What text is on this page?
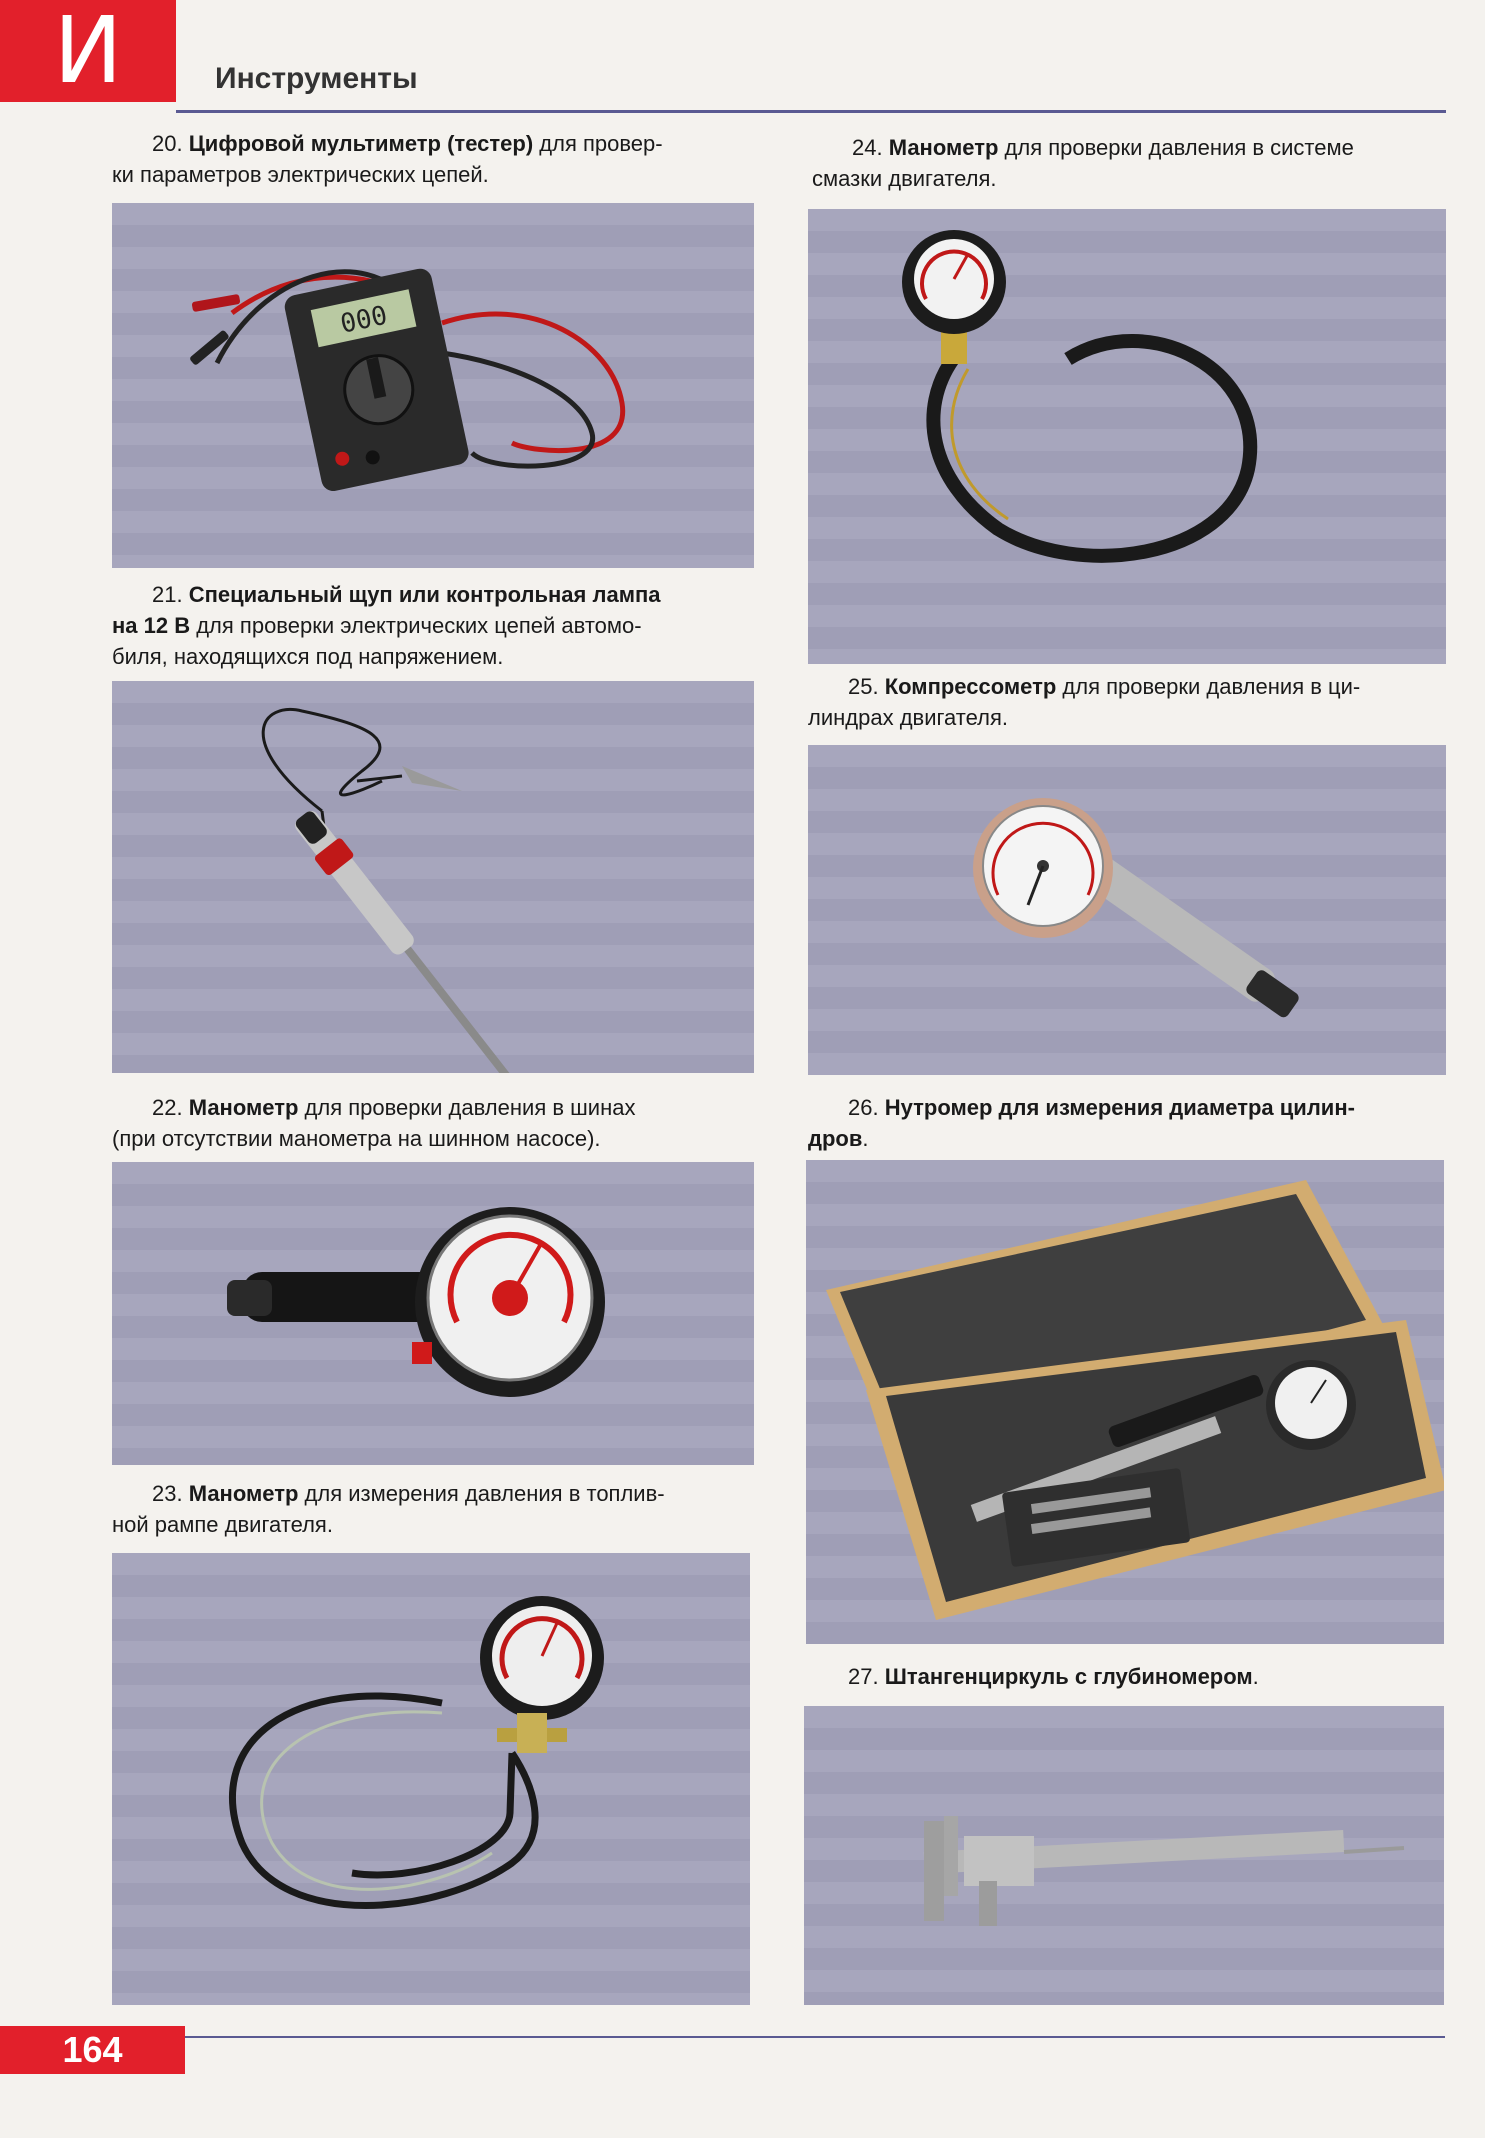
И	Инструменты
20. Цифровой мультиметр (тестер) для провер-
ки параметров электрических цепей.
000
21. Специальный щуп или контрольная лампа
на 12 В для проверки электрических цепей автомо-
биля, находящихся под напряжением.
22. Манометр для проверки давления в шинах
(при отсутствии манометра на шинном насосе).
23. Манометр для измерения давления в топлив-
ной рампе двигателя.
24. Манометр для проверки давления в системе
смазки двигателя.
25. Компрессометр для проверки давления в ци-
линдрах двигателя.
26. Нутромер для измерения диаметра цилин-
дров.
27. Штангенциркуль с глубиномером.
164
